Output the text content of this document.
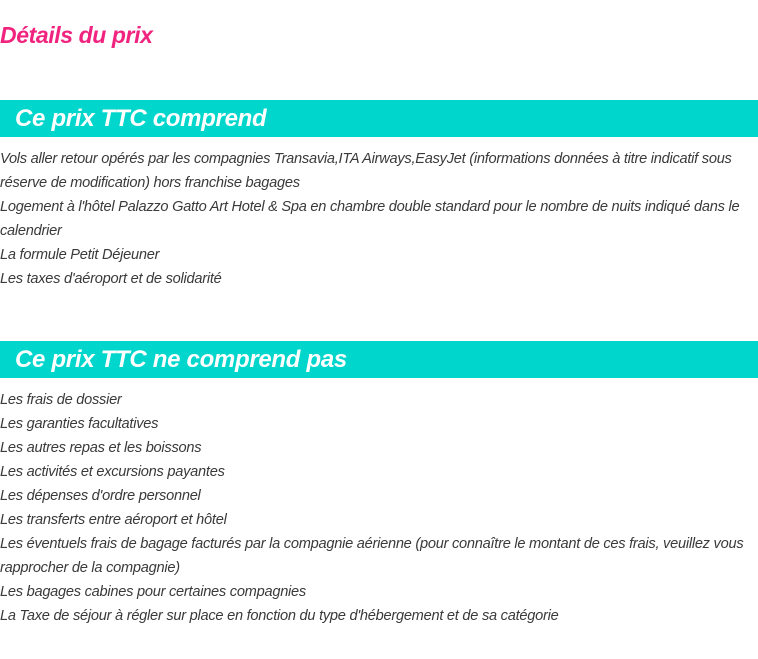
Détails du prix
Ce prix TTC comprend
Vols aller retour opérés par les compagnies Transavia,ITA Airways,EasyJet (informations données à titre indicatif sous réserve de modification) hors franchise bagages
Logement à l'hôtel Palazzo Gatto Art Hotel & Spa en chambre double standard pour le nombre de nuits indiqué dans le calendrier
La formule Petit Déjeuner
Les taxes d'aéroport et de solidarité
Ce prix TTC ne comprend pas
Les frais de dossier
Les garanties facultatives
Les autres repas et les boissons
Les activités et excursions payantes
Les dépenses d'ordre personnel
Les transferts entre aéroport et hôtel
Les éventuels frais de bagage facturés par la compagnie aérienne (pour connaître le montant de ces frais, veuillez vous rapprocher de la compagnie)
Les bagages cabines pour certaines compagnies
La Taxe de séjour à régler sur place en fonction du type d'hébergement et de sa catégorie
